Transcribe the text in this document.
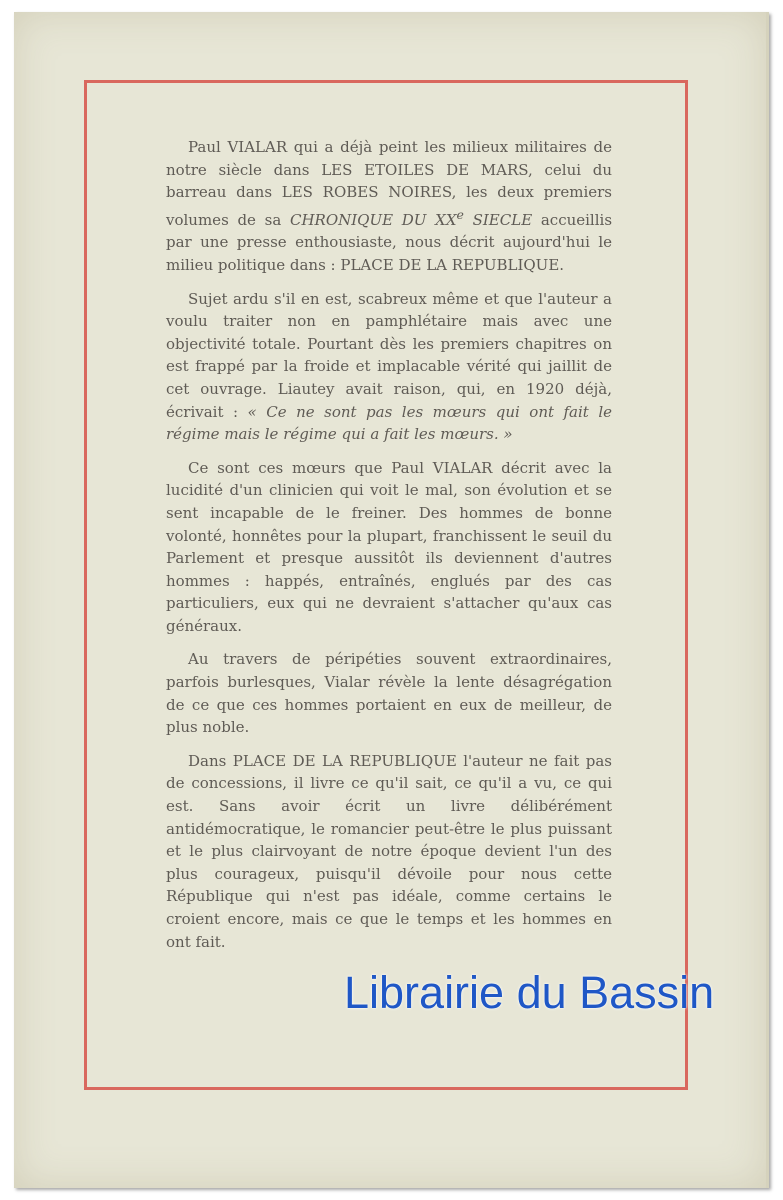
Paul VIALAR qui a déjà peint les milieux militaires de notre siècle dans LES ETOILES DE MARS, celui du barreau dans LES ROBES NOIRES, les deux premiers volumes de sa CHRONIQUE DU XXe SIECLE accueillis par une presse enthousiaste, nous décrit aujourd'hui le milieu politique dans : PLACE DE LA REPUBLIQUE.

Sujet ardu s'il en est, scabreux même et que l'auteur a voulu traiter non en pamphlétaire mais avec une objectivité totale. Pourtant dès les premiers chapitres on est frappé par la froide et implacable vérité qui jaillit de cet ouvrage. Liautey avait raison, qui, en 1920 déjà, écrivait : « Ce ne sont pas les mœurs qui ont fait le régime mais le régime qui a fait les mœurs. »

Ce sont ces mœurs que Paul VIALAR décrit avec la lucidité d'un clinicien qui voit le mal, son évolution et se sent incapable de le freiner. Des hommes de bonne volonté, honnêtes pour la plupart, franchissent le seuil du Parlement et presque aussitôt ils deviennent d'autres hommes : happés, entraînés, englués par des cas particuliers, eux qui ne devraient s'attacher qu'aux cas généraux.

Au travers de péripéties souvent extraordinaires, parfois burlesques, Vialar révèle la lente désagrégation de ce que ces hommes portaient en eux de meilleur, de plus noble.

Dans PLACE DE LA REPUBLIQUE l'auteur ne fait pas de concessions, il livre ce qu'il sait, ce qu'il a vu, ce qui est. Sans avoir écrit un livre délibérément antidémocratique, le romancier peut-être le plus puissant et le plus clairvoyant de notre époque devient l'un des plus courageux, puisqu'il dévoile pour nous cette République qui n'est pas idéale, comme certains le croient encore, mais ce que le temps et les hommes en ont fait.

Librairie du Bassin
